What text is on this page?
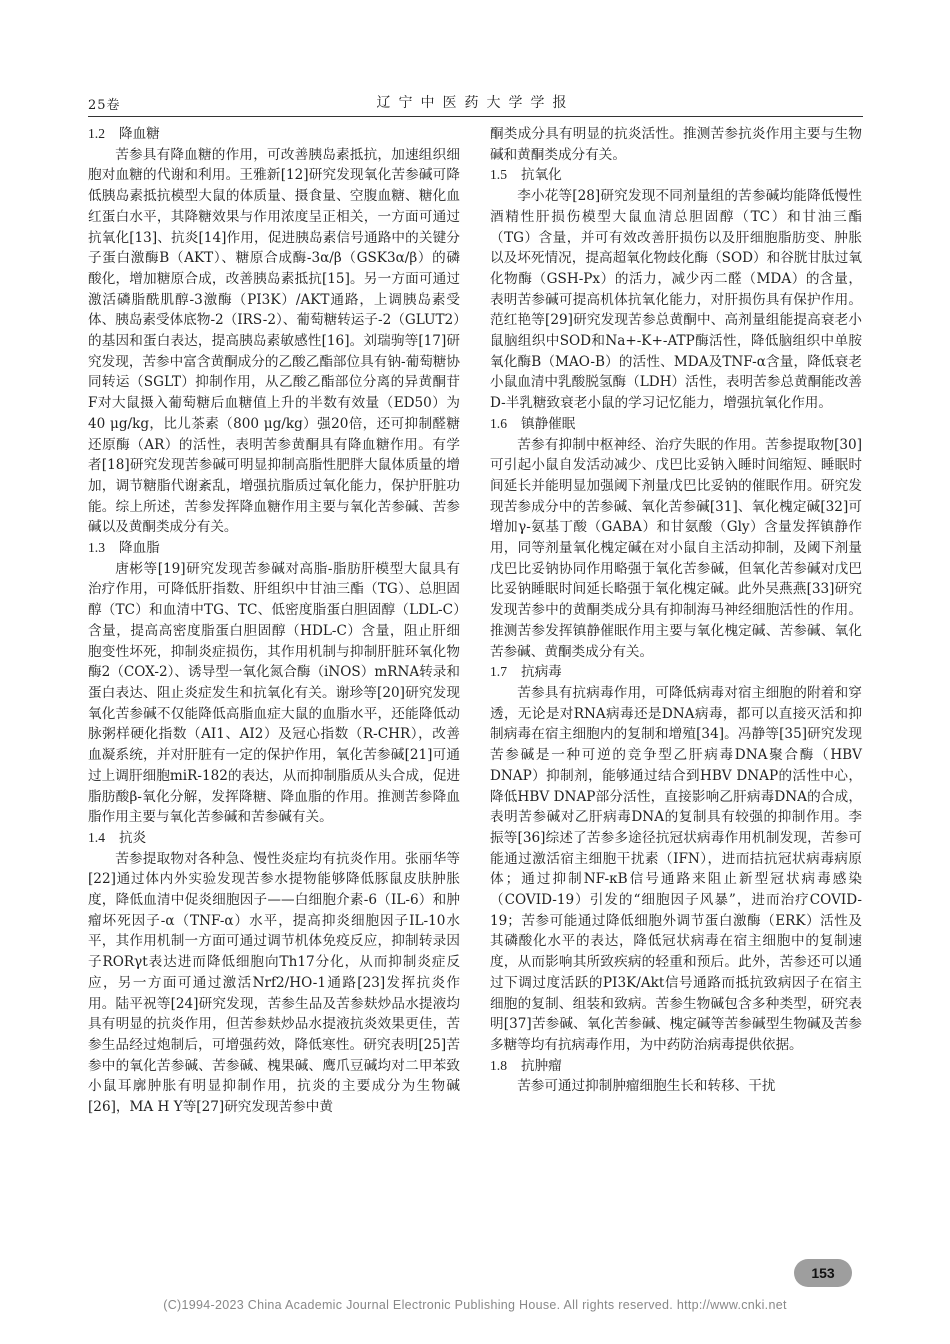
25卷	辽宁中医药大学学报
1.2 降血糖

苦参具有降血糖的作用，可改善胰岛素抵抗，加速组织细胞对血糖的代谢和利用。王雅新[12]研究发现氧化苦参碱可降低胰岛素抵抗模型大鼠的体质量、摄食量、空腹血糖、糖化血红蛋白水平，其降糖效果与作用浓度呈正相关，一方面可通过抗氧化[13]、抗炎[14]作用，促进胰岛素信号通路中的关键分子蛋白激酶B（AKT）、糖原合成酶-3α/β（GSK3α/β）的磷酸化，增加糖原合成，改善胰岛素抵抗[15]。另一方面可通过激活磷脂酰肌醇-3激酶（PI3K）/AKT通路，上调胰岛素受体、胰岛素受体底物-2（IRS-2）、葡萄糖转运子-2（GLUT2）的基因和蛋白表达，提高胰岛素敏感性[16]。刘瑞驹等[17]研究发现，苦参中富含黄酮成分的乙酸乙酯部位具有钠-葡萄糖协同转运（SGLT）抑制作用，从乙酸乙酯部位分离的异黄酮苷F对大鼠摄入葡萄糖后血糖值上升的半数有效量（ED50）为40 μg/kg，比儿茶素（800 μg/kg）强20倍，还可抑制醛糖还原酶（AR）的活性，表明苦参黄酮具有降血糖作用。有学者[18]研究发现苦参碱可明显抑制高脂性肥胖大鼠体质量的增加，调节糖脂代谢紊乱，增强抗脂质过氧化能力，保护肝脏功能。综上所述，苦参发挥降血糖作用主要与氧化苦参碱、苦参碱以及黄酮类成分有关。

1.3 降血脂

唐彬等[19]研究发现苦参碱对高脂-脂肪肝模型大鼠具有治疗作用，可降低肝指数、肝组织中甘油三酯（TG）、总胆固醇（TC）和血清中TG、TC、低密度脂蛋白胆固醇（LDL-C）含量，提高高密度脂蛋白胆固醇（HDL-C）含量，阻止肝细胞变性坏死，抑制炎症损伤，其作用机制与抑制肝脏环氧化物酶2（COX-2）、诱导型一氧化氮合酶（iNOS）mRNA转录和蛋白表达、阻止炎症发生和抗氧化有关。谢珍等[20]研究发现氧化苦参碱不仅能降低高脂血症大鼠的血脂水平，还能降低动脉粥样硬化指数（AI1、AI2）及冠心指数（R-CHR），改善血凝系统，并对肝脏有一定的保护作用，氧化苦参碱[21]可通过上调肝细胞miR-182的表达，从而抑制脂质从头合成，促进脂肪酸β-氧化分解，发挥降糖、降血脂的作用。推测苦参降血脂作用主要与氧化苦参碱和苦参碱有关。

1.4 抗炎

苦参提取物对各种急、慢性炎症均有抗炎作用。张丽华等[22]通过体内外实验发现苦参水提物能够降低豚鼠皮肤肿胀度，降低血清中促炎细胞因子——白细胞介素-6（IL-6）和肿瘤坏死因子-α（TNF-α）水平，提高抑炎细胞因子IL-10水平，其作用机制一方面可通过调节机体免疫反应，抑制转录因子RORγt表达进而降低细胞向Th17分化，从而抑制炎症反应，另一方面可通过激活Nrf2/HO-1通路[23]发挥抗炎作用。陆平祝等[24]研究发现，苦参生品及苦参麸炒品水提液均具有明显的抗炎作用，但苦参麸炒品水提液抗炎效果更佳，苦参生品经过炮制后，可增强药效，降低寒性。研究表明[25]苦参中的氧化苦参碱、苦参碱、槐果碱、鹰爪豆碱均对二甲苯致小鼠耳廓肿胀有明显抑制作用，抗炎的主要成分为生物碱[26]，MA H Y等[27]研究发现苦参中黄

酮类成分具有明显的抗炎活性。推测苦参抗炎作用主要与生物碱和黄酮类成分有关。

1.5 抗氧化

李小花等[28]研究发现不同剂量组的苦参碱均能降低慢性酒精性肝损伤模型大鼠血清总胆固醇（TC）和甘油三酯（TG）含量，并可有效改善肝损伤以及肝细胞脂肪变、肿胀以及坏死情况，提高超氧化物歧化酶（SOD）和谷胱甘肽过氧化物酶（GSH-Px）的活力，减少丙二醛（MDA）的含量，表明苦参碱可提高机体抗氧化能力，对肝损伤具有保护作用。范红艳等[29]研究发现苦参总黄酮中、高剂量组能提高衰老小鼠脑组织中SOD和Na+-K+-ATP酶活性，降低脑组织中单胺氧化酶B（MAO-B）的活性、MDA及TNF-α含量，降低衰老小鼠血清中乳酸脱氢酶（LDH）活性，表明苦参总黄酮能改善D-半乳糖致衰老小鼠的学习记忆能力，增强抗氧化作用。

1.6 镇静催眠

苦参有抑制中枢神经、治疗失眠的作用。苦参提取物[30]可引起小鼠自发活动减少、戊巴比妥钠入睡时间缩短、睡眠时间延长并能明显加强阈下剂量戊巴比妥钠的催眠作用。研究发现苦参成分中的苦参碱、氧化苦参碱[31]、氧化槐定碱[32]可增加γ-氨基丁酸（GABA）和甘氨酸（Gly）含量发挥镇静作用，同等剂量氧化槐定碱在对小鼠自主活动抑制，及阈下剂量戊巴比妥钠协同作用略强于氧化苦参碱，但氧化苦参碱对戊巴比妥钠睡眠时间延长略强于氧化槐定碱。此外吴燕燕[33]研究发现苦参中的黄酮类成分具有抑制海马神经细胞活性的作用。推测苦参发挥镇静催眠作用主要与氧化槐定碱、苦参碱、氧化苦参碱、黄酮类成分有关。

1.7 抗病毒

苦参具有抗病毒作用，可降低病毒对宿主细胞的附着和穿透，无论是对RNA病毒还是DNA病毒，都可以直接灭活和抑制病毒在宿主细胞内的复制和增殖[34]。冯静等[35]研究发现苦参碱是一种可逆的竞争型乙肝病毒DNA聚合酶（HBV DNAP）抑制剂，能够通过结合到HBV DNAP的活性中心，降低HBV DNAP部分活性，直接影响乙肝病毒DNA的合成，表明苦参碱对乙肝病毒DNA的复制具有较强的抑制作用。李振等[36]综述了苦参多途径抗冠状病毒作用机制发现，苦参可能通过激活宿主细胞干扰素（IFN），进而拮抗冠状病毒病原体；通过抑制NF-κB信号通路来阻止新型冠状病毒感染（COVID-19）引发的“细胞因子风暴”，进而治疗COVID-19；苦参可能通过降低细胞外调节蛋白激酶（ERK）活性及其磷酸化水平的表达，降低冠状病毒在宿主细胞中的复制速度，从而影响其所致疾病的轻重和预后。此外，苦参还可以通过下调过度活跃的PI3K/Akt信号通路而抵抗致病因子在宿主细胞的复制、组装和致病。苦参生物碱包含多种类型，研究表明[37]苦参碱、氧化苦参碱、槐定碱等苦参碱型生物碱及苦参多糖等均有抗病毒作用，为中药防治病毒提供依据。

1.8 抗肿瘤

苦参可通过抑制肿瘤细胞生长和转移、干扰

153
(C)1994-2023 China Academic Journal Electronic Publishing House. All rights reserved. http://www.cnki.net
